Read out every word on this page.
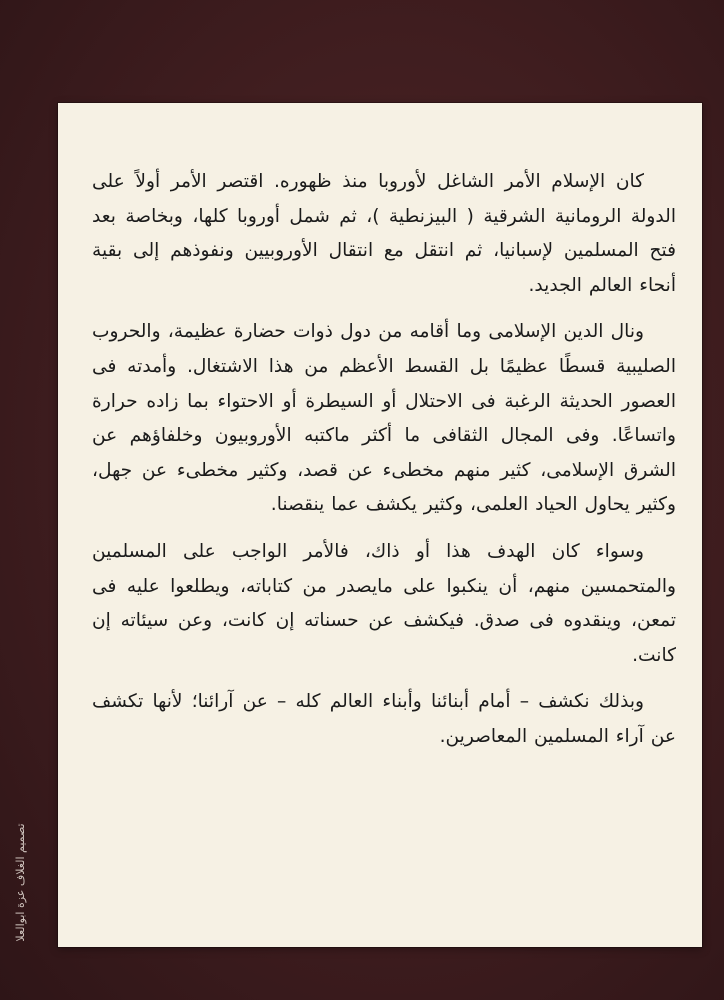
كان الإسلام الأمر الشاغل لأوروبا منذ ظهوره. اقتصر الأمر أولاً على الدولة الرومانية الشرقية ( البيزنطية )، ثم شمل أوروبا كلها، وبخاصة بعد فتح المسلمين لإسبانيا، ثم انتقل مع انتقال الأوروبيين ونفوذهم إلى بقية أنحاء العالم الجديد.

ونال الدين الإسلامى وما أقامه من دول ذوات حضارة عظيمة، والحروب الصليبية قسطًا عظيمًا بل القسط الأعظم من هذا الاشتغال. وأمدته فى العصور الحديثة الرغبة فى الاحتلال أو السيطرة أو الاحتواء بما زاده حرارة واتساعًا. وفى المجال الثقافى ما أكثر ماكتبه الأوروبيون وخلفاؤهم عن الشرق الإسلامى، كثير منهم مخطىء عن قصد، وكثير مخطىء عن جهل، وكثير يحاول الحياد العلمى، وكثير يكشف عما ينقصنا.

وسواء كان الهدف هذا أو ذاك، فالأمر الواجب على المسلمين والمتحمسين منهم، أن ينكبوا على مايصدر من كتاباته، ويطلعوا عليه فى تمعن، وينقدوه فى صدق. فيكشف عن حسناته إن كانت، وعن سيئاته إن كانت.

وبذلك نكشف – أمام أبنائنا وأبناء العالم كله – عن آرائنا؛ لأنها تكشف عن آراء المسلمين المعاصرين.

تصميم الغلاف عزة ابوالعلا
